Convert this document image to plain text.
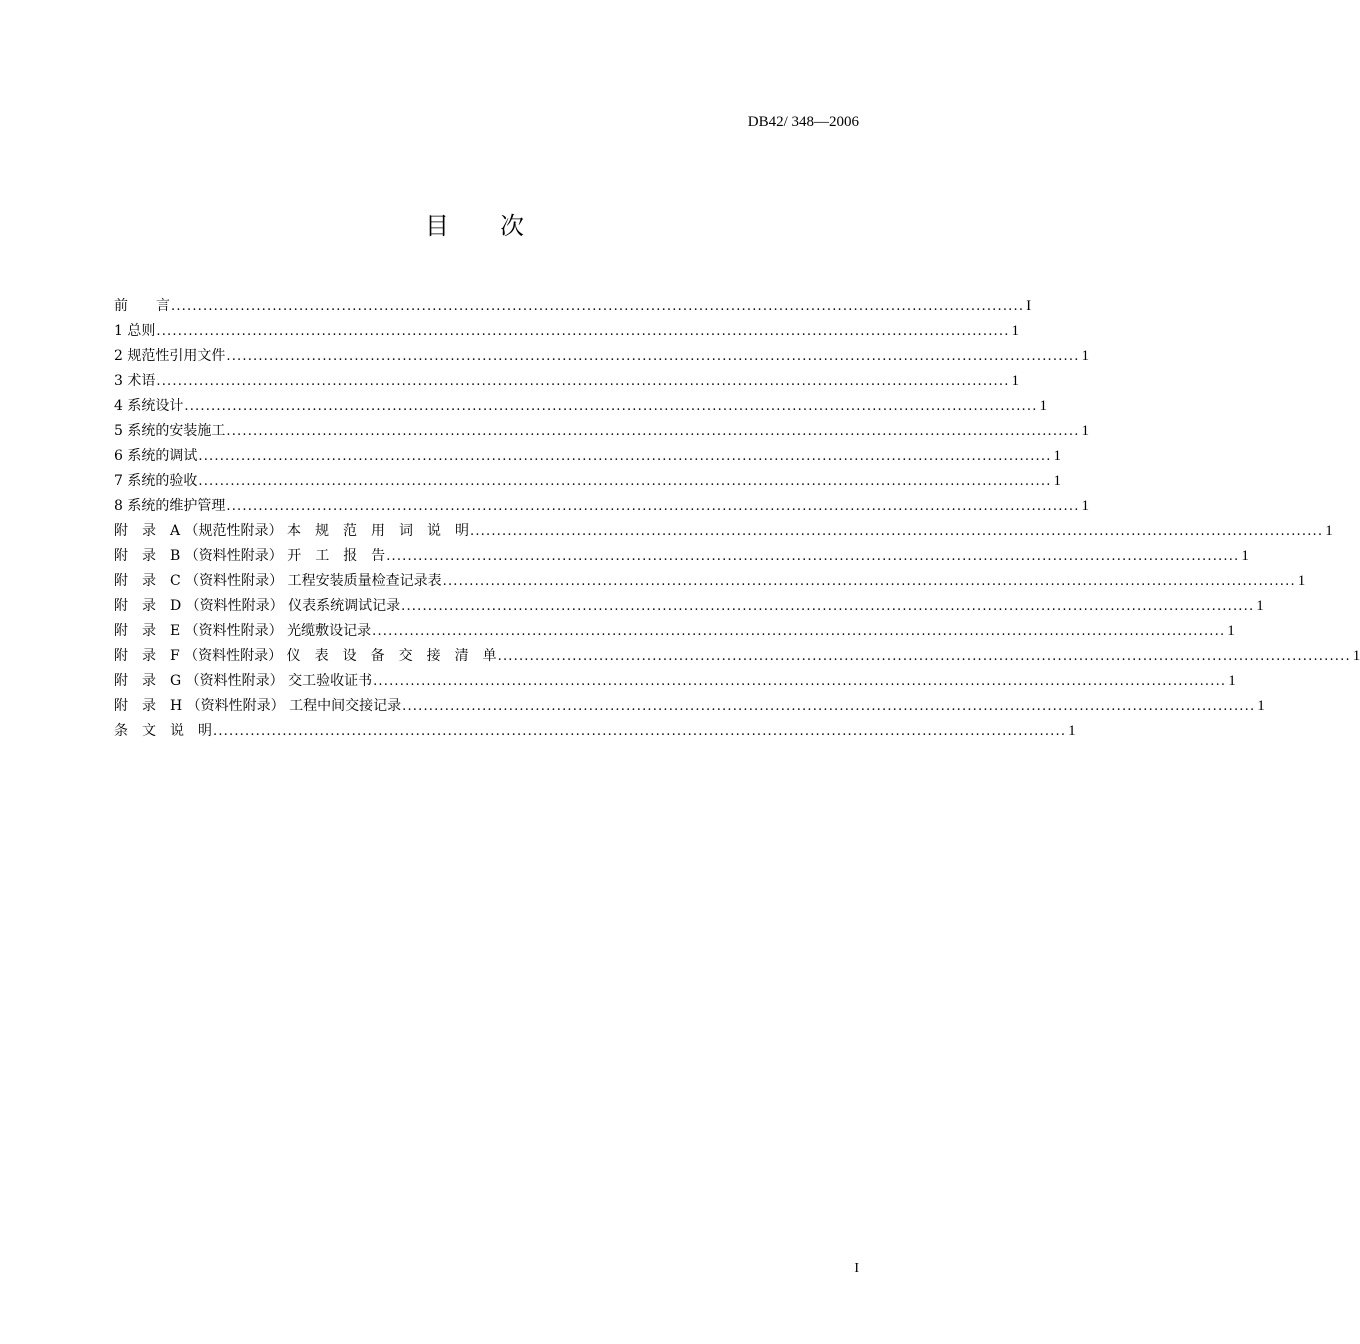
DB42/ 348—2006
目　　次
前　　言 ................................................................................................................................................................ I
1 总则 ................................................................................................................................................................ 1
2 规范性引用文件 ................................................................................................................................................................ 1
3 术语 ................................................................................................................................................................ 1
4 系统设计 ................................................................................................................................................................ 1
5 系统的安装施工 ................................................................................................................................................................ 1
6 系统的调试 ................................................................................................................................................................ 1
7 系统的验收 ................................................................................................................................................................ 1
8 系统的维护管理 ................................................................................................................................................................ 1
附　录　A （规范性附录） 本　规　范　用　词　说　明 ................................................................................................................................................................ 1
附　录　B （资料性附录） 开　工　报　告 ................................................................................................................................................................ 1
附　录　C （资料性附录） 工程安装质量检查记录表 ................................................................................................................................................................ 1
附　录　D （资料性附录） 仪表系统调试记录 ................................................................................................................................................................ 1
附　录　E （资料性附录） 光缆敷设记录 ................................................................................................................................................................ 1
附　录　F （资料性附录） 仪　表　设　备　交　接　清　单 ................................................................................................................................................................ 1
附　录　G （资料性附录） 交工验收证书 ................................................................................................................................................................ 1
附　录　H （资料性附录） 工程中间交接记录 ................................................................................................................................................................ 1
条　文　说　明 ................................................................................................................................................................ 1
I
